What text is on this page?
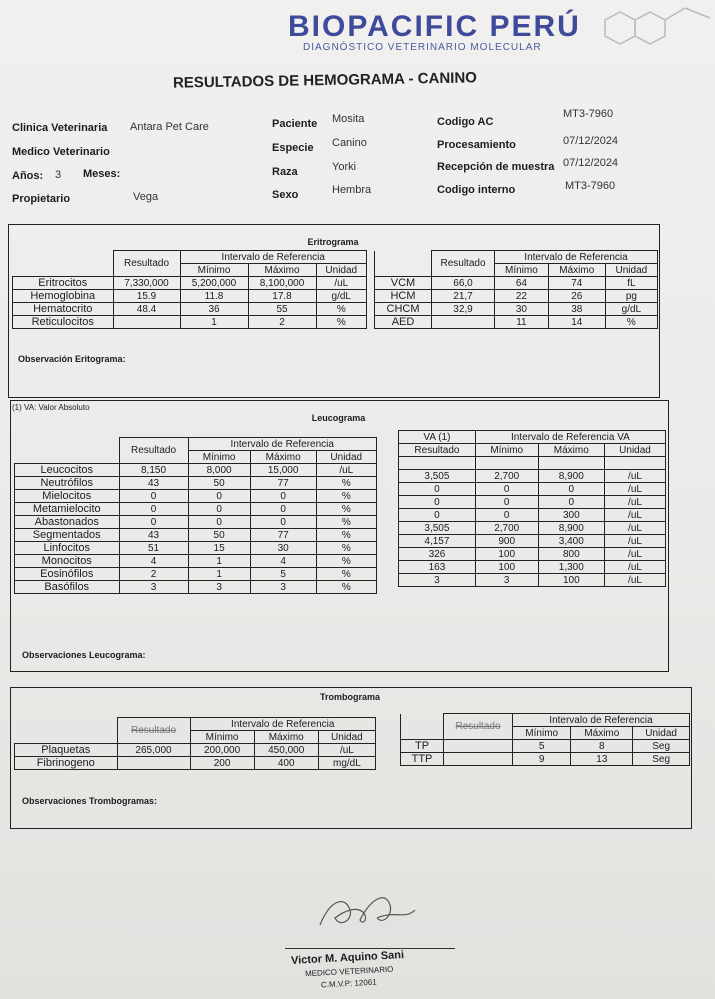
BIOPACIFIC PERÚ
DIAGNÓSTICO VETERINARIO MOLECULAR
RESULTADOS DE HEMOGRAMA - CANINO
Clinica Veterinaria Antara Pet Care
Medico Veterinario
Años: 3 Meses:
Propietario	Vega
Paciente Mosita
Especie Canino
Raza	Yorki
Sexo	Hembra
Codigo AC
MT3-7960
Procesamiento	07/12/2024
Recepción de muestra 07/12/2024
Codigo interno	MT3-7960
Eritrograma
	Resultado	Intervalo de Referencia		
		Mínimo	Máximo	Unidad
Eritrocitos	7,330,000	5,200,000	8,100,000	/uL
Hemoglobina	15.9	11.8	17.8	g/dL
Hematocrito	48.4	36	55	%
Reticulocitos		1	2	%
	Resultado	Intervalo de Referencia		
		Mínimo	Máximo	Unidad
VCM	66,0	64	74	fL
HCM	21,7	22	26	pg
CHCM	32,9	30	38	g/dL
AED		11	14	%
Observación Eritograma:
(1) VA: Valor Absoluto
Leucograma
	Resultado	Intervalo de Referencia		
		Mínimo	Máximo	Unidad
Leucocitos	8,150	8,000	15,000	/uL
Neutrófilos	43	50	77	%
Mielocitos	0	0	0	%
Metamielocito	0	0	0	%
Abastonados	0	0	0	%
Segmentados	43	50	77	%
Linfocitos	51	15	30	%
Monocitos	4	1	4	%
Eosinófilos	2	1	5	%
Basófilos	3	3	3	%
VA (1)	Intervalo de Referencia VA		
Resultado	Mínimo	Máximo	Unidad

3,505	2,700	8,900	/uL
0	0	0	/uL
0	0	0	/uL
0	0	300	/uL
3,505	2,700	8,900	/uL
4,157	900	3,400	/uL
326	100	800	/uL
163	100	1,300	/uL
3	3	100	/uL
Observaciones Leucograma:
Trombograma
	Resultado	Intervalo de Referencia		
		Mínimo	Máximo	Unidad
Plaquetas	265,000	200,000	450,000	/uL
Fibrinogeno		200	400	mg/dL
	Resultado	Intervalo de Referencia		
		Mínimo	Máximo	Unidad
TP		5	8	Seg
TTP		9	13	Seg
Observaciones Trombogramas:
Victor M. Aquino Sani
MEDICO VETERINARIO
C.M.V.P: 12061
